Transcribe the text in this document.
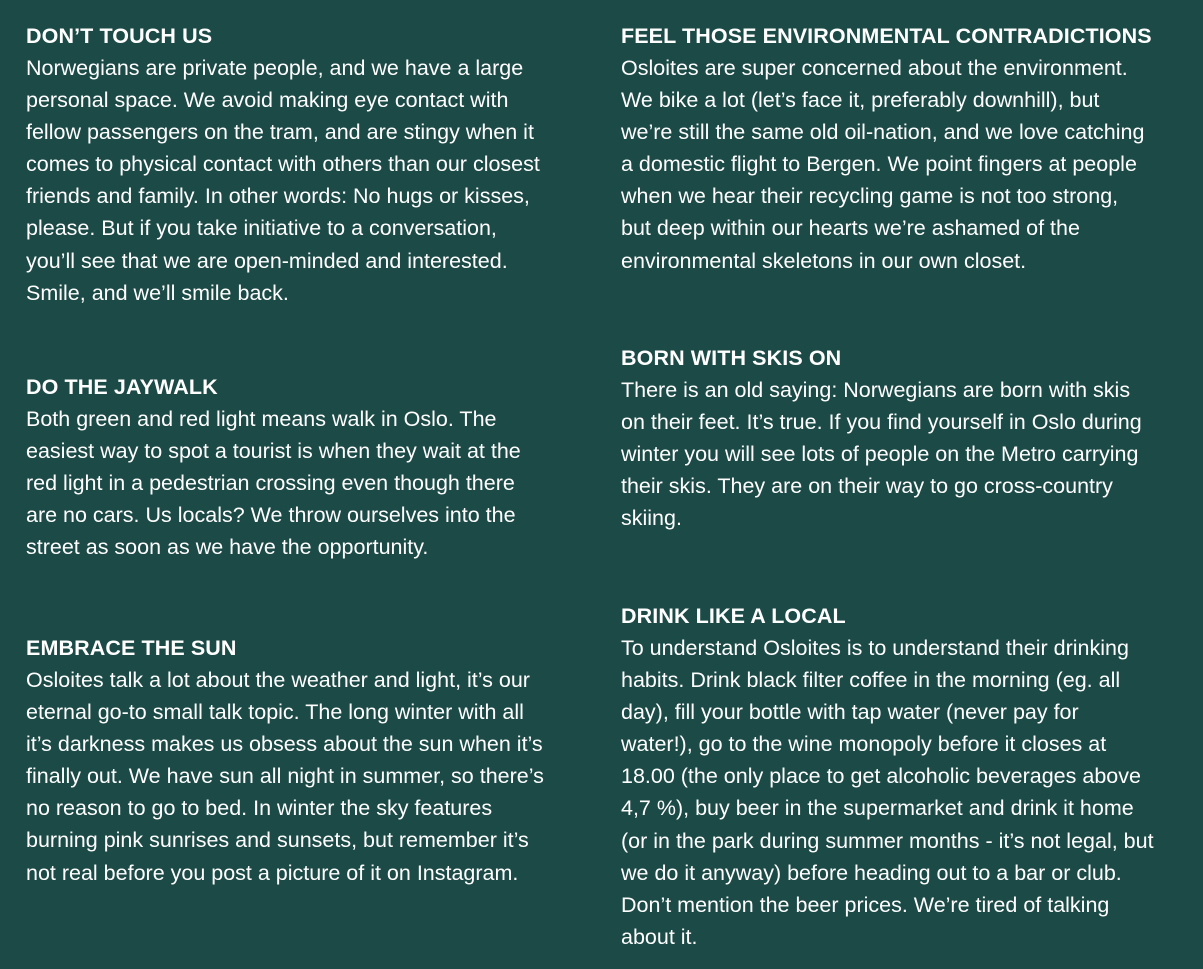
DON’T TOUCH US
Norwegians are private people, and we have a large
personal space. We avoid making eye contact with
fellow passengers on the tram, and are stingy when it
comes to physical contact with others than our closest
friends and family. In other words: No hugs or kisses,
please. But if you take initiative to a conversation,
you’ll see that we are open-minded and interested.
Smile, and we’ll smile back.
DO THE JAYWALK
Both green and red light means walk in Oslo. The
easiest way to spot a tourist is when they wait at the
red light in a pedestrian crossing even though there
are no cars. Us locals? We throw ourselves into the
street as soon as we have the opportunity.
EMBRACE THE SUN
Osloites talk a lot about the weather and light, it’s our
eternal go-to small talk topic. The long winter with all
it’s darkness makes us obsess about the sun when it’s
finally out. We have sun all night in summer, so there’s
no reason to go to bed. In winter the sky features
burning pink sunrises and sunsets, but remember it’s
not real before you post a picture of it on Instagram.
FEEL THOSE ENVIRONMENTAL CONTRADICTIONS
Osloites are super concerned about the environment.
We bike a lot (let’s face it, preferably downhill), but
we’re still the same old oil-nation, and we love catching
a domestic flight to Bergen. We point fingers at people
when we hear their recycling game is not too strong,
but deep within our hearts we’re ashamed of the
environmental skeletons in our own closet.
BORN WITH SKIS ON
There is an old saying: Norwegians are born with skis
on their feet. It’s true. If you find yourself in Oslo during
winter you will see lots of people on the Metro carrying
their skis. They are on their way to go cross-country
skiing.
DRINK LIKE A LOCAL
To understand Osloites is to understand their drinking
habits. Drink black filter coffee in the morning (eg. all
day), fill your bottle with tap water (never pay for
water!), go to the wine monopoly before it closes at
18.00 (the only place to get alcoholic beverages above
4,7 %), buy beer in the supermarket and drink it home
(or in the park during summer months - it’s not legal, but
we do it anyway) before heading out to a bar or club.
Don’t mention the beer prices. We’re tired of talking
about it.
